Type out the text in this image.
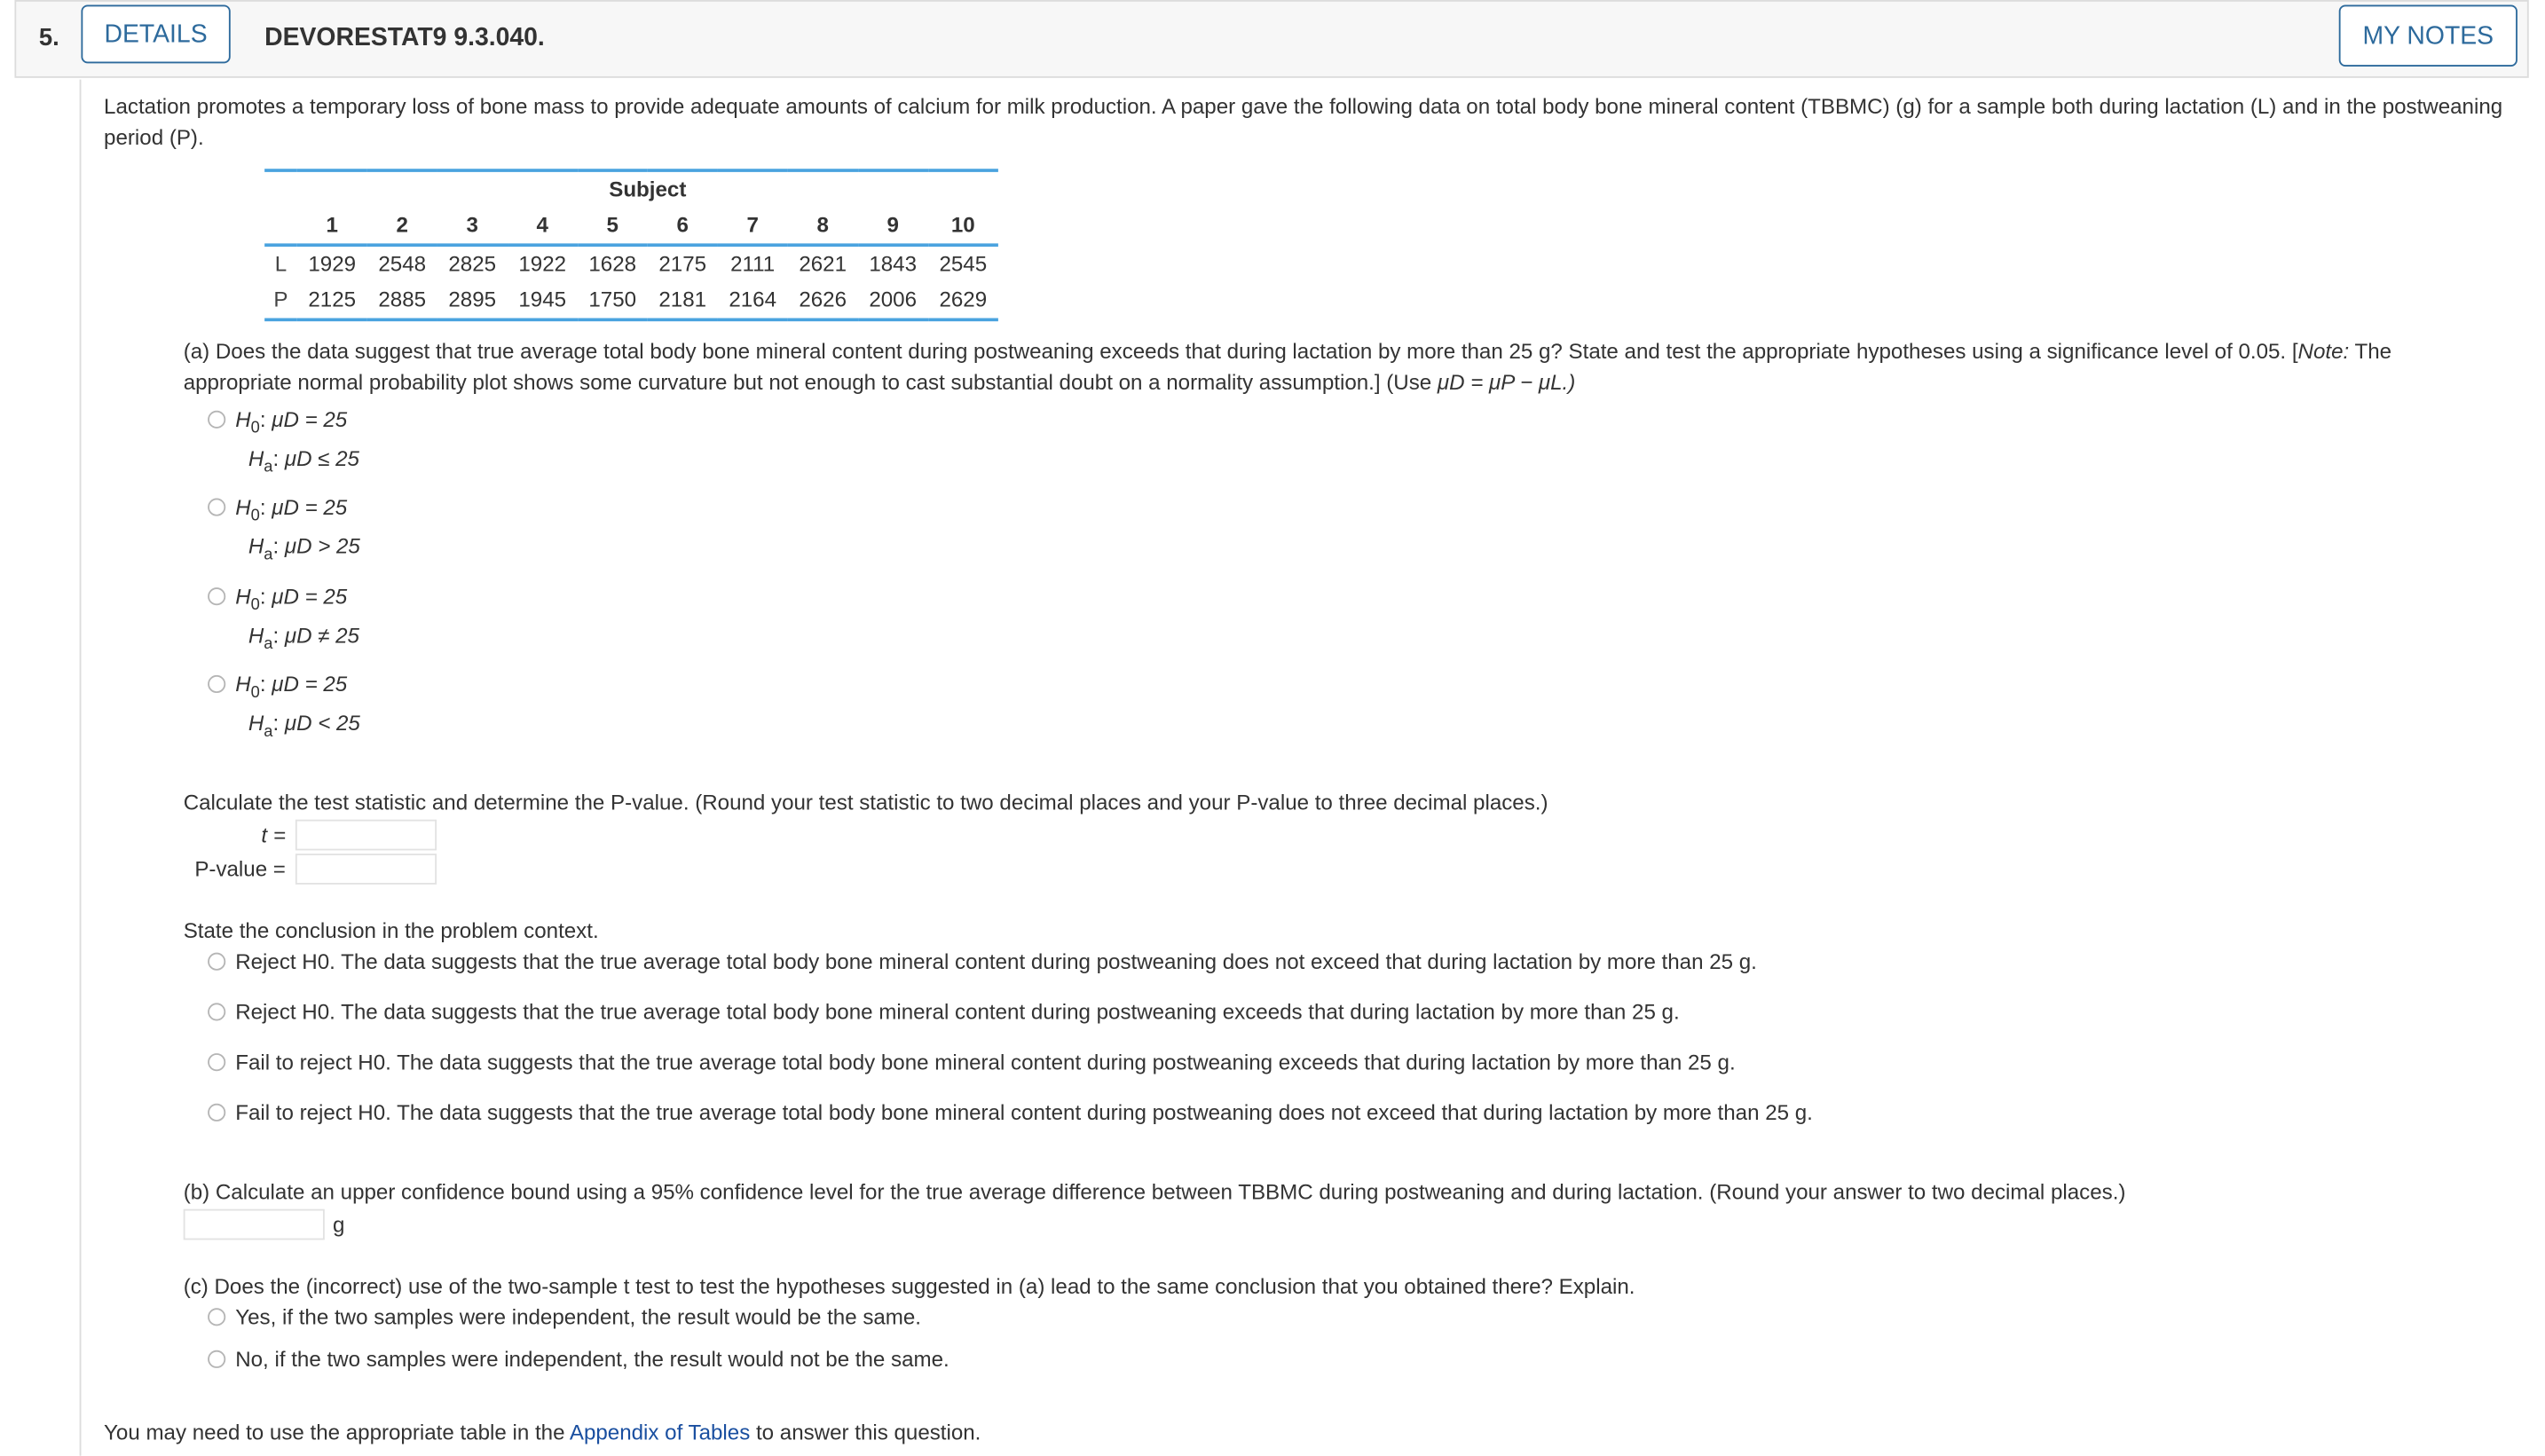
5.	DETAILS	DEVORESTAT9 9.3.040.	MY NOTES
Lactation promotes a temporary loss of bone mass to provide adequate amounts of calcium for milk production. A paper gave the following data on total body bone mineral content (TBBMC) (g) for a sample both during lactation (L) and in the postweaning period (P).
	Subject									
	1	2	3	4	5	6	7	8	9	10
L	1929	2548	2825	1922	1628	2175	2111	2621	1843	2545
P	2125	2885	2895	1945	1750	2181	2164	2626	2006	2629
(a) Does the data suggest that true average total body bone mineral content during postweaning exceeds that during lactation by more than 25 g? State and test the appropriate hypotheses using a significance level of 0.05. [Note: The appropriate normal probability plot shows some curvature but not enough to cast substantial doubt on a normality assumption.] (Use μD = μP − μL.)
$H_0$: μD = 25
$H_a$: μD ≤ 25
$H_0$: μD = 25
$H_a$: μD > 25
$H_0$: μD = 25
$H_a$: μD ≠ 25
$H_0$: μD = 25
$H_a$: μD < 25
Calculate the test statistic and determine the P-value. (Round your test statistic to two decimal places and your P-value to three decimal places.)
t =
P-value =
State the conclusion in the problem context.
Reject H0. The data suggests that the true average total body bone mineral content during postweaning does not exceed that during lactation by more than 25 g.
Reject H0. The data suggests that the true average total body bone mineral content during postweaning exceeds that during lactation by more than 25 g.
Fail to reject H0. The data suggests that the true average total body bone mineral content during postweaning exceeds that during lactation by more than 25 g.
Fail to reject H0. The data suggests that the true average total body bone mineral content during postweaning does not exceed that during lactation by more than 25 g.
(b) Calculate an upper confidence bound using a 95% confidence level for the true average difference between TBBMC during postweaning and during lactation. (Round your answer to two decimal places.)
g
(c) Does the (incorrect) use of the two-sample t test to test the hypotheses suggested in (a) lead to the same conclusion that you obtained there? Explain.
Yes, if the two samples were independent, the result would be the same.
No, if the two samples were independent, the result would not be the same.
You may need to use the appropriate table in the Appendix of Tables to answer this question.
